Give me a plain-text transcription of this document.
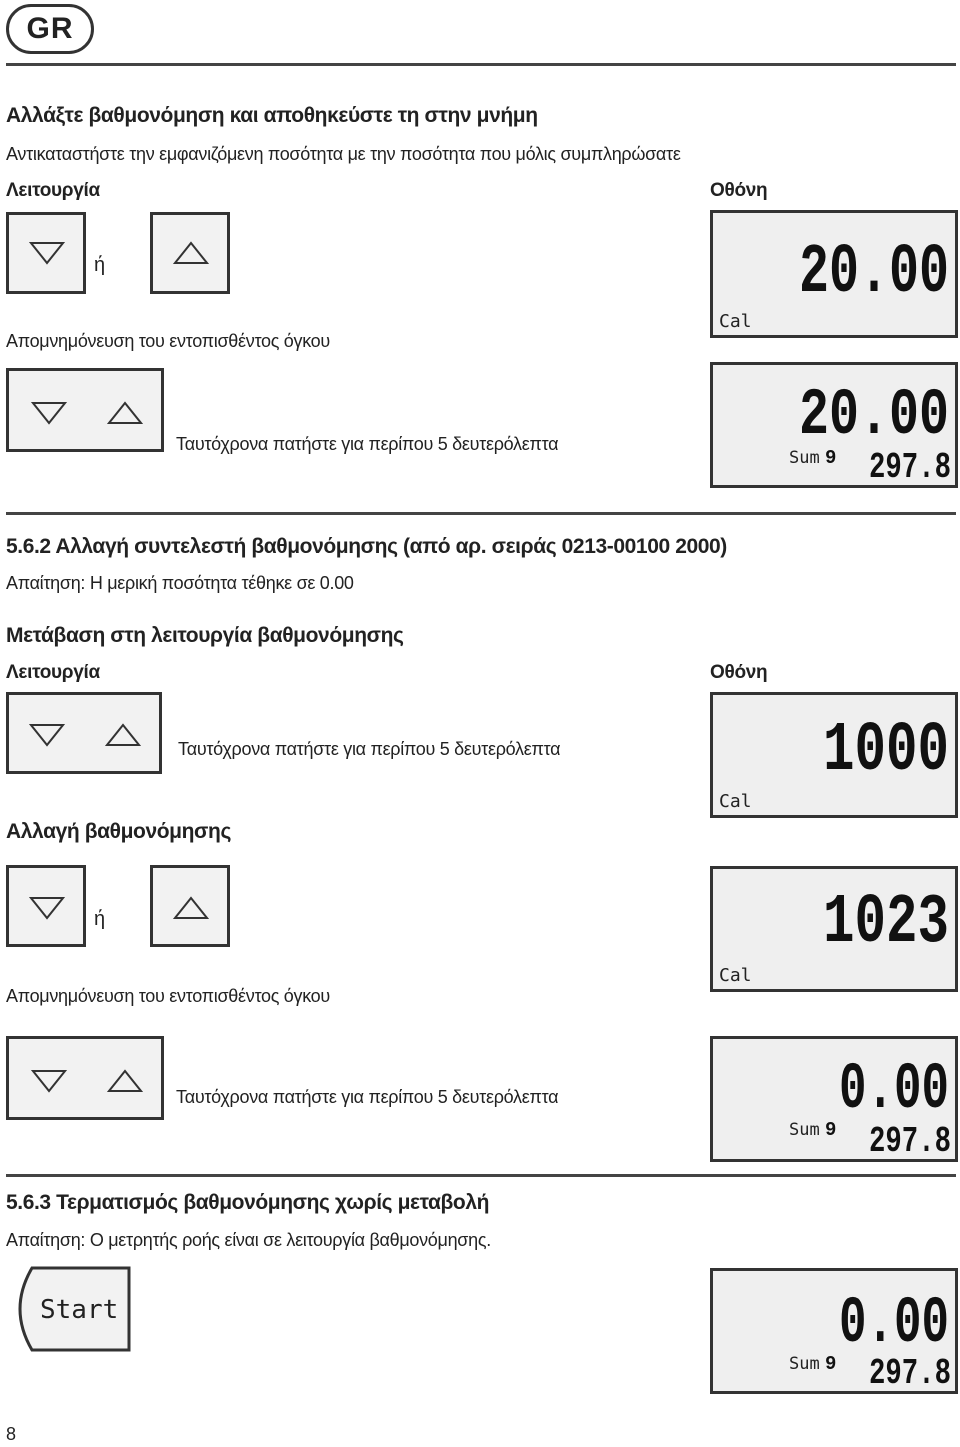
GR
Αλλάξτε βαθμονόμηση και αποθηκεύστε τη στην μνήμη
Αντικαταστήστε την εμφανιζόμενη ποσότητα με την ποσότητα που μόλις συμπληρώσατε
Λειτουργία	Οθόνη
ή
Απομνημόνευση του εντοπισθέντος όγκου
Ταυτόχρονα πατήστε για περίπου 5 δευτερόλεπτα
20.00
Cal
20.00
Sum 9 297.8
5.6.2 Αλλαγή συντελεστή βαθμονόμησης (από αρ. σειράς 0213-00100 2000)
Απαίτηση: Η μερική ποσότητα τέθηκε σε 0.00
Μετάβαση στη λειτουργία βαθμονόμησης
Λειτουργία	Οθόνη
Ταυτόχρονα πατήστε για περίπου 5 δευτερόλεπτα	1000
Cal
Αλλαγή βαθμονόμησης
ή	1023
Cal
Απομνημόνευση του εντοπισθέντος όγκου
Ταυτόχρονα πατήστε για περίπου 5 δευτερόλεπτα	0.00
Sum 9 297.8
5.6.3 Τερματισμός βαθμονόμησης χωρίς μεταβολή
Απαίτηση: Ο μετρητής ροής είναι σε λειτουργία βαθμονόμησης.
Start	0.00
Sum 9 297.8
8
